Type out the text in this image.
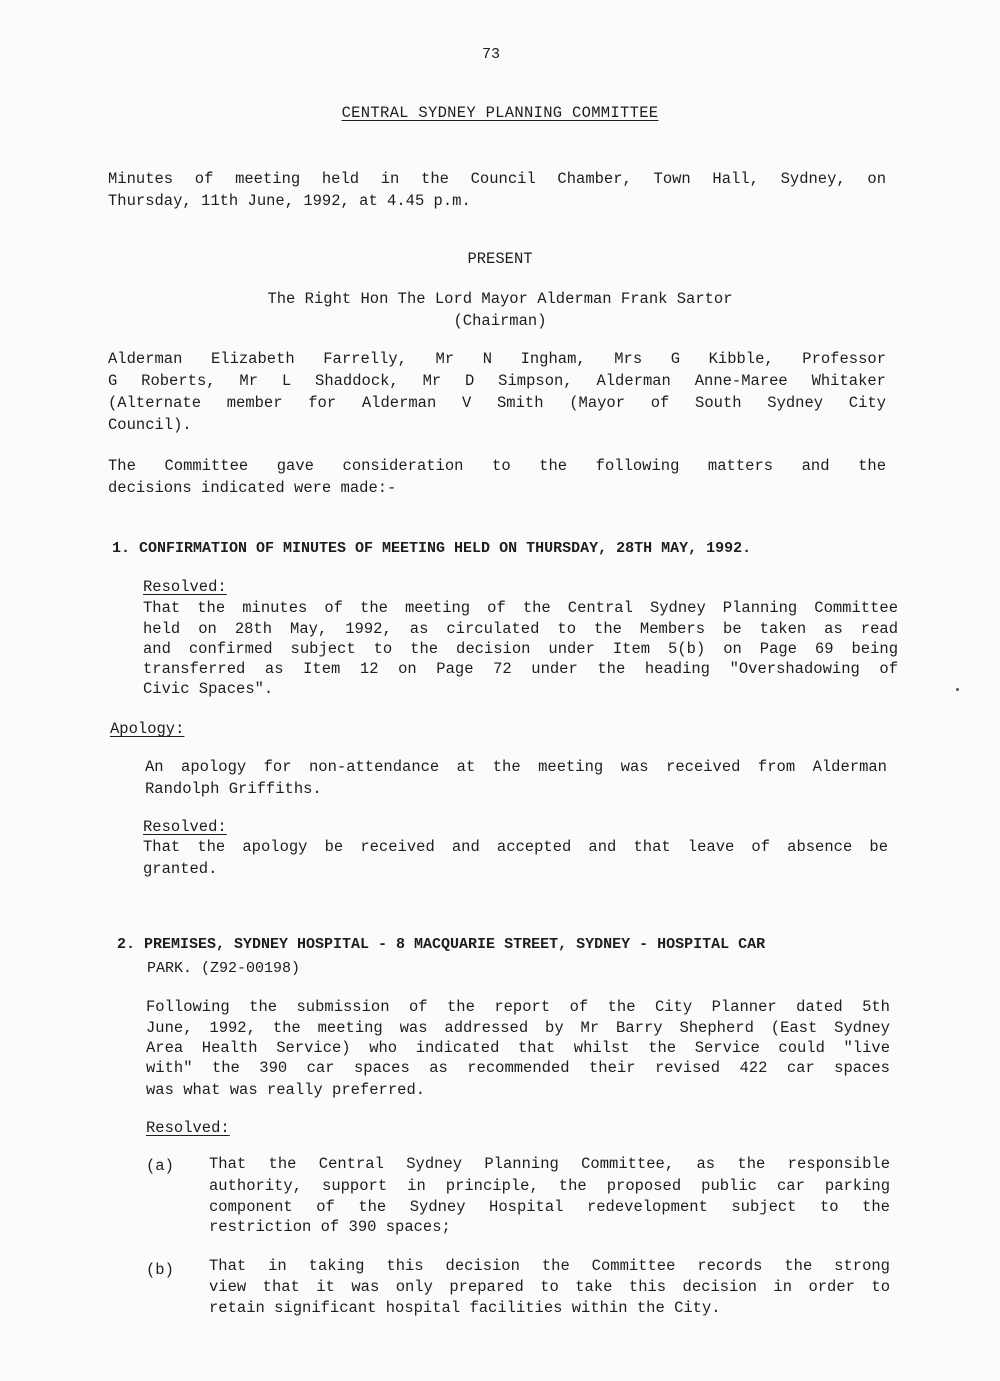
73
CENTRAL SYDNEY PLANNING COMMITTEE
Minutes of meeting held in the Council Chamber, Town Hall, Sydney, on
Thursday, 11th June, 1992, at 4.45 p.m.
PRESENT
The Right Hon The Lord Mayor Alderman Frank Sartor
(Chairman)
Alderman Elizabeth Farrelly, Mr N Ingham, Mrs G Kibble, Professor
G Roberts, Mr L Shaddock, Mr D Simpson, Alderman Anne-Maree Whitaker
(Alternate member for Alderman V Smith (Mayor of South Sydney City
Council).
The Committee gave consideration to the following matters and the
decisions indicated were made:-
1. CONFIRMATION OF MINUTES OF MEETING HELD ON THURSDAY, 28TH MAY, 1992.
Resolved:
That the minutes of the meeting of the Central Sydney Planning Committee
held on 28th May, 1992, as circulated to the Members be taken as read
and confirmed subject to the decision under Item 5(b) on Page 69 being
transferred as Item 12 on Page 72 under the heading "Overshadowing of
Civic Spaces".
Apology:
An apology for non-attendance at the meeting was received from Alderman
Randolph Griffiths.
Resolved:
That the apology be received and accepted and that leave of absence be
granted.
2. PREMISES, SYDNEY HOSPITAL - 8 MACQUARIE STREET, SYDNEY - HOSPITAL CAR
PARK. (Z92-00198)
Following the submission of the report of the City Planner dated 5th
June, 1992, the meeting was addressed by Mr Barry Shepherd (East Sydney
Area Health Service) who indicated that whilst the Service could "live
with" the 390 car spaces as recommended their revised 422 car spaces
was what was really preferred.
Resolved:
(a) That the Central Sydney Planning Committee, as the responsible
authority, support in principle, the proposed public car parking
component of the Sydney Hospital redevelopment subject to the
restriction of 390 spaces;
(b) That in taking this decision the Committee records the strong
view that it was only prepared to take this decision in order to
retain significant hospital facilities within the City.
